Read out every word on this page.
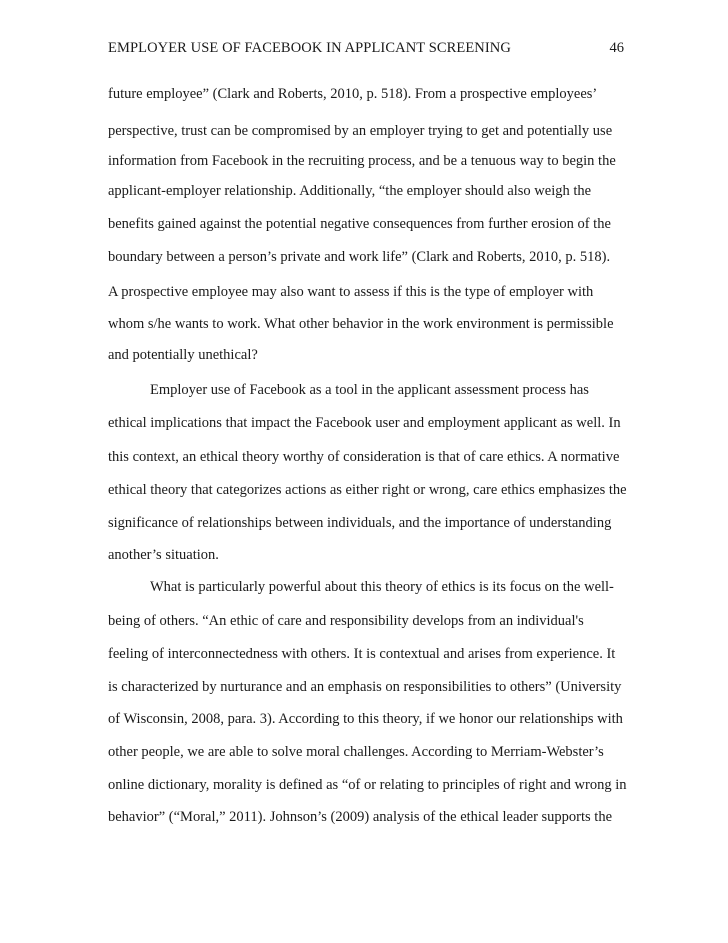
EMPLOYER USE OF FACEBOOK IN APPLICANT SCREENING	46
future employee” (Clark and Roberts, 2010, p. 518). From a prospective employees’
perspective, trust can be compromised by an employer trying to get and potentially use
information from Facebook in the recruiting process, and be a tenuous way to begin the
applicant-employer relationship. Additionally, “the employer should also weigh the
benefits gained against the potential negative consequences from further erosion of the
boundary between a person’s private and work life” (Clark and Roberts, 2010, p. 518).
A prospective employee may also want to assess if this is the type of employer with
whom s/he wants to work. What other behavior in the work environment is permissible
and potentially unethical?
Employer use of Facebook as a tool in the applicant assessment process has
ethical implications that impact the Facebook user and employment applicant as well. In
this context, an ethical theory worthy of consideration is that of care ethics. A normative
ethical theory that categorizes actions as either right or wrong, care ethics emphasizes the
significance of relationships between individuals, and the importance of understanding
another’s situation.
What is particularly powerful about this theory of ethics is its focus on the well-
being of others. “An ethic of care and responsibility develops from an individual's
feeling of interconnectedness with others. It is contextual and arises from experience. It
is characterized by nurturance and an emphasis on responsibilities to others” (University
of Wisconsin, 2008, para. 3). According to this theory, if we honor our relationships with
other people, we are able to solve moral challenges. According to Merriam-Webster’s
online dictionary, morality is defined as “of or relating to principles of right and wrong in
behavior” (“Moral,” 2011). Johnson’s (2009) analysis of the ethical leader supports the
